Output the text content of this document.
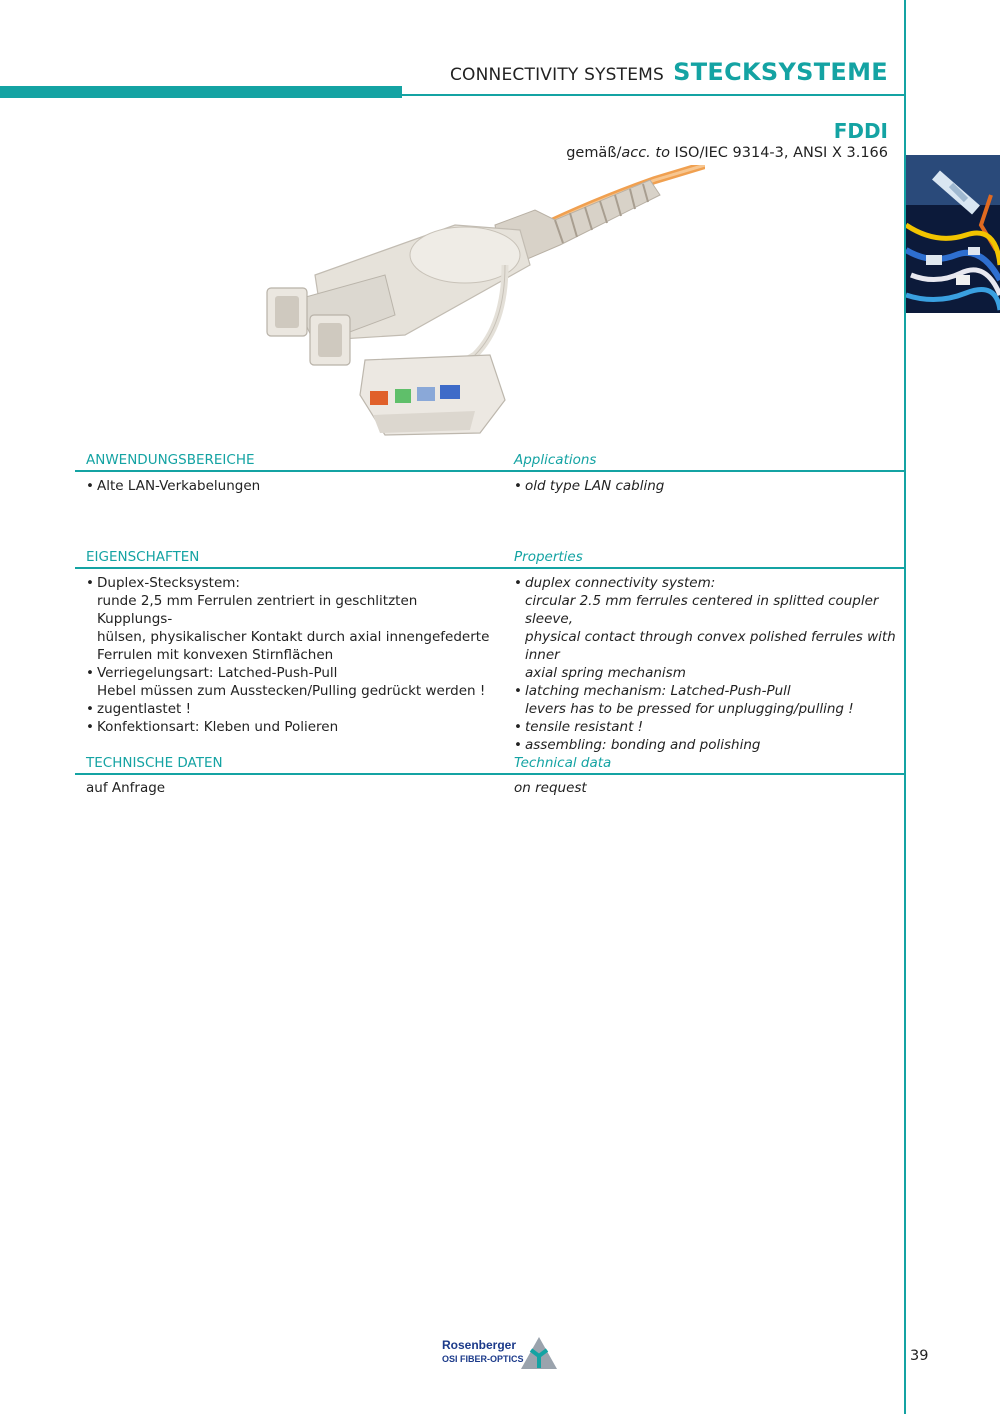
CONNECTIVITY SYSTEMS STECKSYSTEME
FDDI
gemäß/acc. to ISO/IEC 9314-3, ANSI X 3.166
ANWENDUNGSBEREICHE	Applications
• Alte LAN-Verkabelungen
•	old type LAN cabling
EIGENSCHAFTEN	Properties
• Duplex-Stecksystem:
runde 2,5 mm Ferrulen zentriert in geschlitzten Kupplungs-
hülsen, physikalischer Kontakt durch axial innengefederte
Ferrulen mit konvexen Stirnflächen
• Verriegelungsart: Latched-Push-Pull
Hebel müssen zum Ausstecken/Pulling gedrückt werden !
• zugentlastet !
• Konfektionsart: Kleben und Polieren
• duplex connectivity system:
circular 2.5 mm ferrules centered in splitted coupler sleeve,
physical contact through convex polished ferrules with inner
axial spring mechanism
• latching mechanism: Latched-Push-Pull
levers has to be pressed for unplugging/pulling !
• tensile resistant !
• assembling: bonding and polishing
TECHNISCHE DATEN	Technical data
auf Anfrage	on request
Rosenberger
OSI FIBER-OPTICS	39
